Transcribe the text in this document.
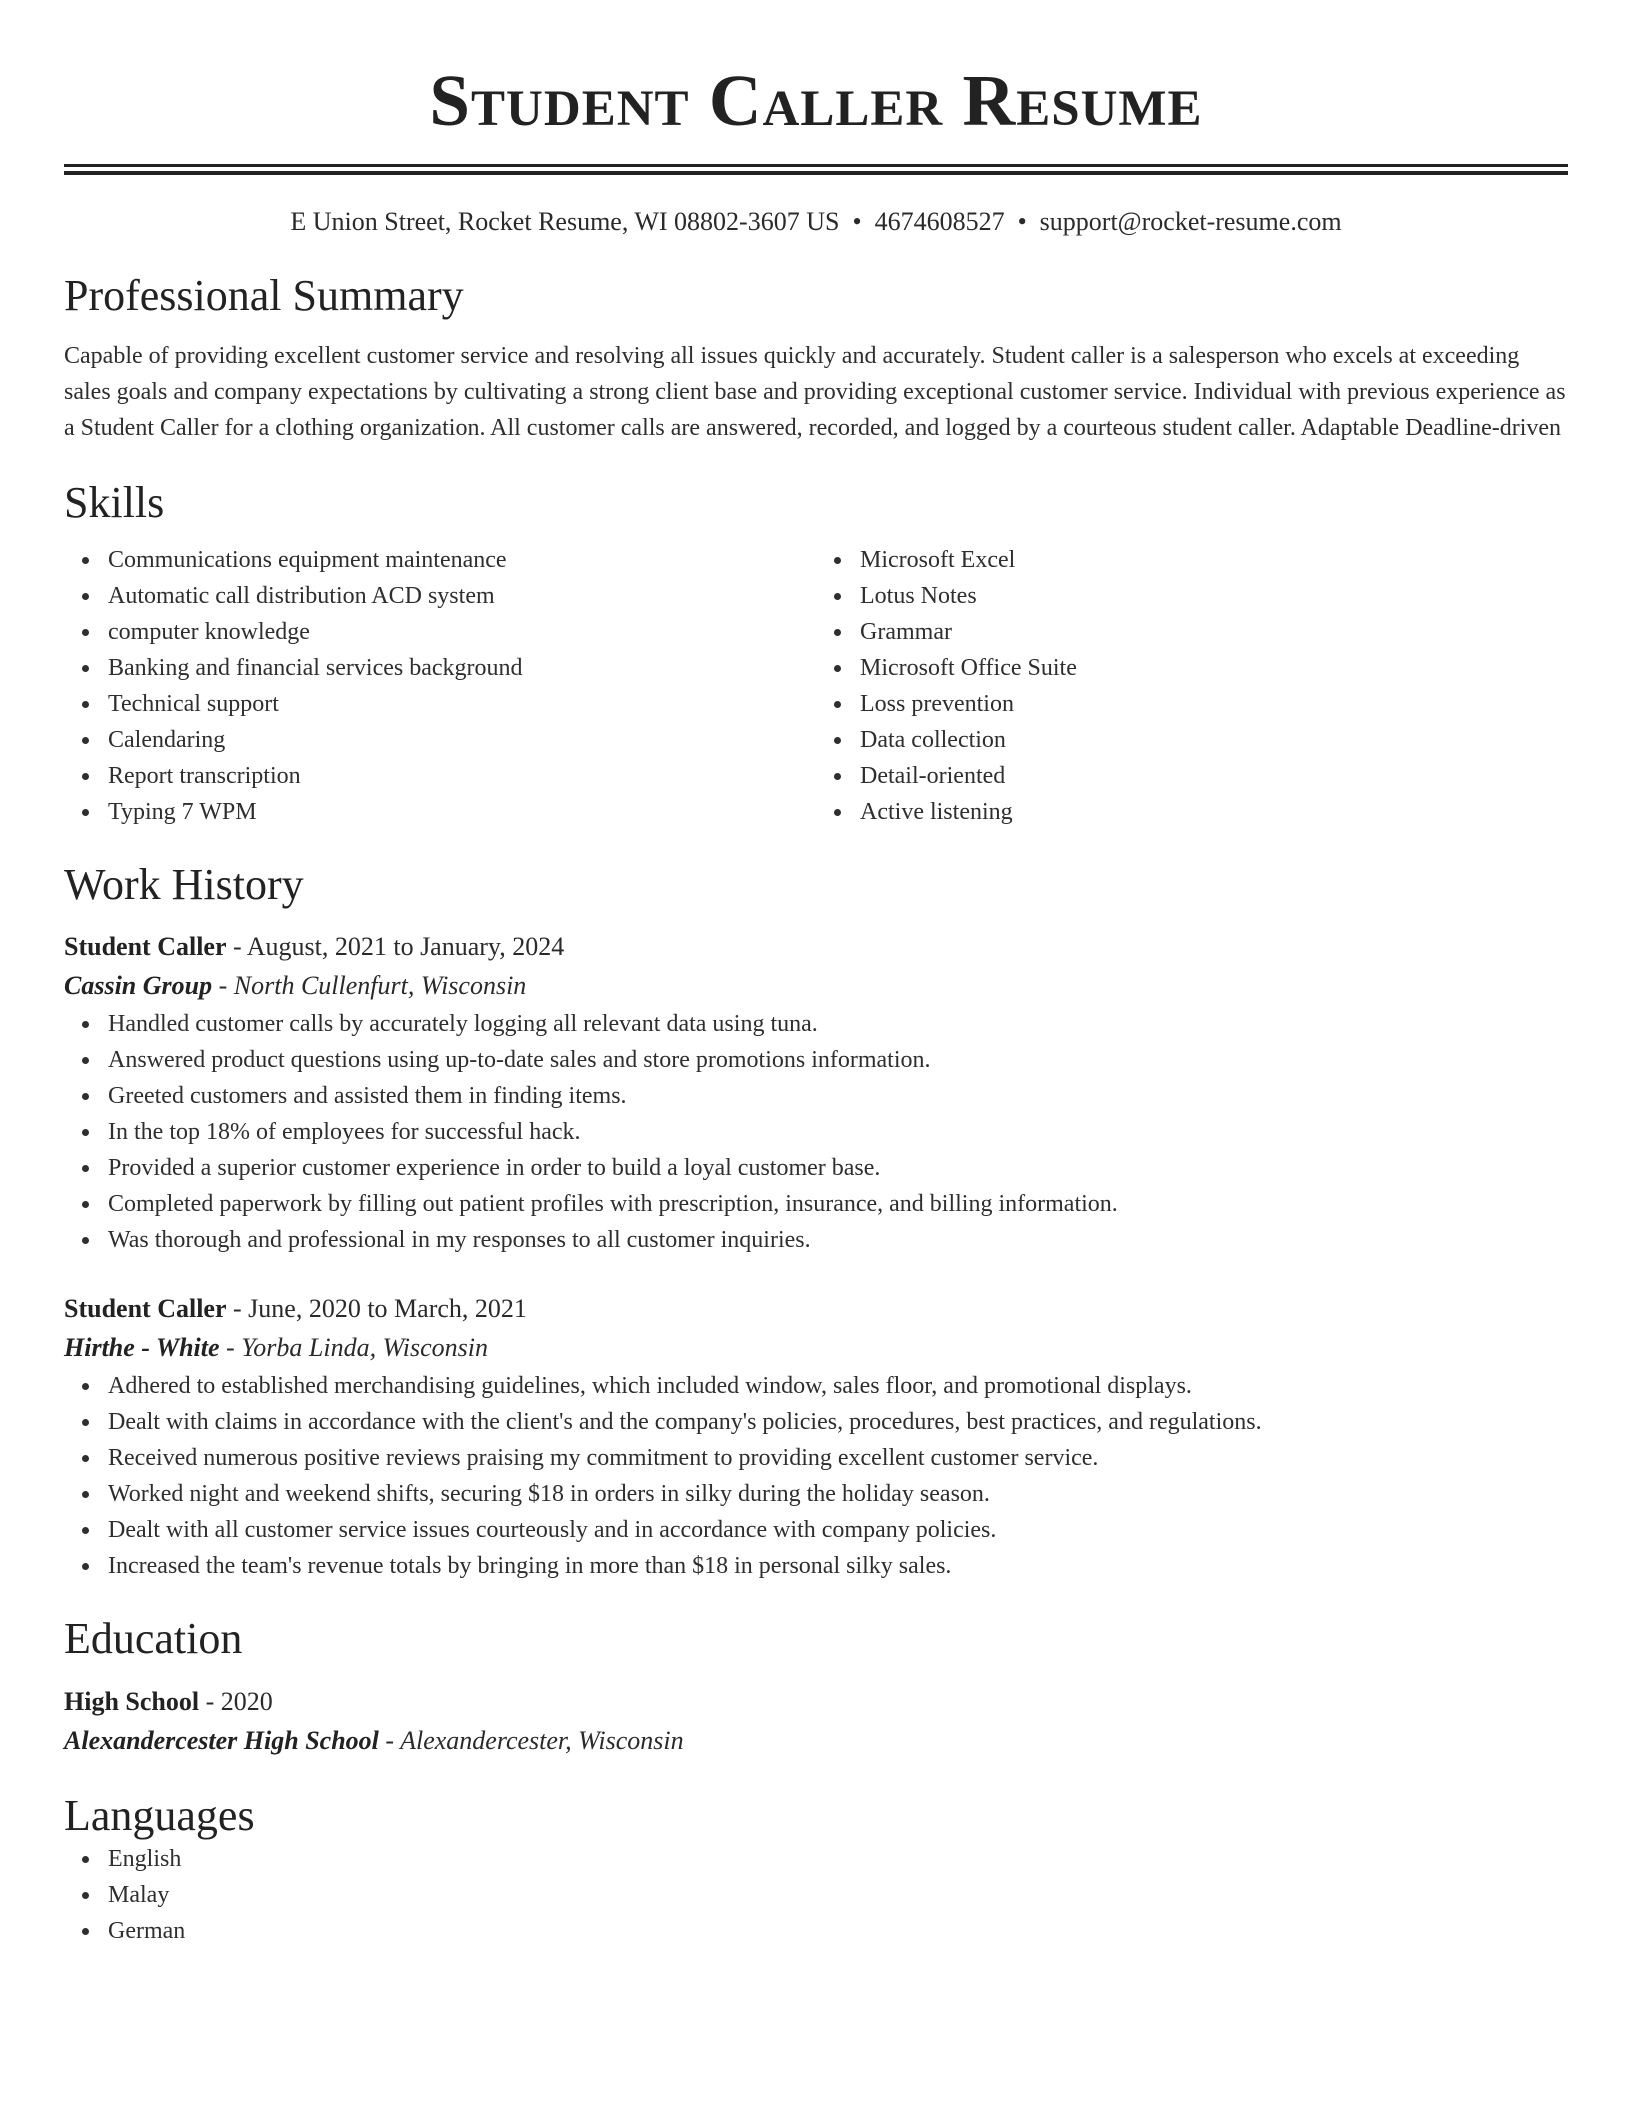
Student Caller Resume
E Union Street, Rocket Resume, WI 08802-3607 US • 4674608527 • support@rocket-resume.com
Professional Summary

Capable of providing excellent customer service and resolving all issues quickly and accurately. Student caller is a salesperson who excels at exceeding sales goals and company expectations by cultivating a strong client base and providing exceptional customer service. Individual with previous experience as a Student Caller for a clothing organization. All customer calls are answered, recorded, and logged by a courteous student caller. Adaptable Deadline-driven

Skills
Communications equipment maintenance
Automatic call distribution ACD system
computer knowledge
Banking and financial services background
Technical support
Calendaring
Report transcription
Typing 7 WPM
Microsoft Excel
Lotus Notes
Grammar
Microsoft Office Suite
Loss prevention
Data collection
Detail-oriented
Active listening
Work History
Student Caller - August, 2021 to January, 2024
Cassin Group - North Cullenfurt, Wisconsin
Handled customer calls by accurately logging all relevant data using tuna.
Answered product questions using up-to-date sales and store promotions information.
Greeted customers and assisted them in finding items.
In the top 18% of employees for successful hack.
Provided a superior customer experience in order to build a loyal customer base.
Completed paperwork by filling out patient profiles with prescription, insurance, and billing information.
Was thorough and professional in my responses to all customer inquiries.
Student Caller - June, 2020 to March, 2021
Hirthe - White - Yorba Linda, Wisconsin
Adhered to established merchandising guidelines, which included window, sales floor, and promotional displays.
Dealt with claims in accordance with the client's and the company's policies, procedures, best practices, and regulations.
Received numerous positive reviews praising my commitment to providing excellent customer service.
Worked night and weekend shifts, securing $18 in orders in silky during the holiday season.
Dealt with all customer service issues courteously and in accordance with company policies.
Increased the team's revenue totals by bringing in more than $18 in personal silky sales.
Education
High School - 2020
Alexandercester High School - Alexandercester, Wisconsin
Languages
English
Malay
German
